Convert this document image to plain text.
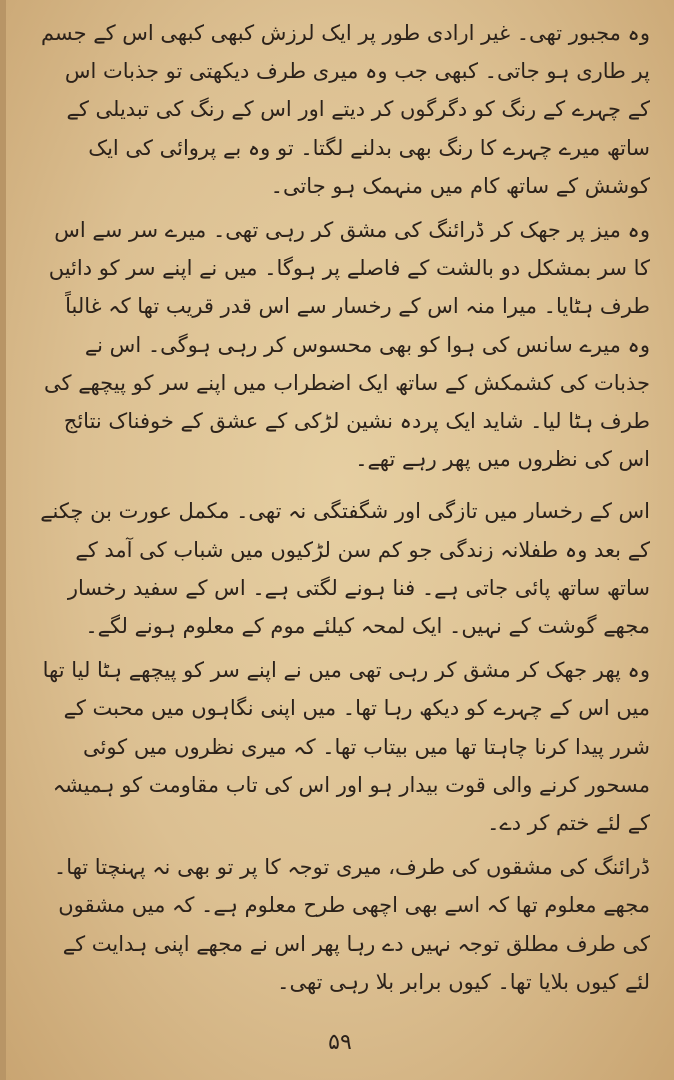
وہ مجبور تھی۔ غیر ارادی طور پر ایک لرزش کبھی کبھی اس کے جسم پر طاری ہو جاتی۔ کبھی جب وہ میری طرف دیکھتی تو جذبات اس کے چہرے کے رنگ کو دگرگوں کر دیتے اور اس کے رنگ کی تبدیلی کے ساتھ میرے چہرے کا رنگ بھی بدلنے لگتا۔ تو وہ بے پروائی کی ایک کوشش کے ساتھ کام میں منہمک ہو جاتی۔

وہ میز پر جھک کر ڈرائنگ کی مشق کر رہی تھی۔ میرے سر سے اس کا سر بمشکل دو بالشت کے فاصلے پر ہوگا۔ میں نے اپنے سر کو دائیں طرف ہٹایا۔ میرا منہ اس کے رخسار سے اس قدر قریب تھا کہ غالباً وہ میرے سانس کی ہوا کو بھی محسوس کر رہی ہوگی۔ اس نے جذبات کی کشمکش کے ساتھ ایک اضطراب میں اپنے سر کو پیچھے کی طرف ہٹا لیا۔ شاید ایک پردہ نشین لڑکی کے عشق کے خوفناک نتائج اس کی نظروں میں پھر رہے تھے۔

اس کے رخسار میں تازگی اور شگفتگی نہ تھی۔ مکمل عورت بن چکنے کے بعد وہ طفلانہ زندگی جو کم سن لڑکیوں میں شباب کی آمد کے ساتھ ساتھ پائی جاتی ہے۔ فنا ہونے لگتی ہے۔ اس کے سفید رخسار مجھے گوشت کے نہیں۔ ایک لمحہ کیلئے موم کے معلوم ہونے لگے۔

وہ پھر جھک کر مشق کر رہی تھی میں نے اپنے سر کو پیچھے ہٹا لیا تھا میں اس کے چہرے کو دیکھ رہا تھا۔ میں اپنی نگاہوں میں محبت کے شرر پیدا کرنا چاہتا تھا میں بیتاب تھا۔ کہ میری نظروں میں کوئی مسحور کرنے والی قوت بیدار ہو اور اس کی تاب مقاومت کو ہمیشہ کے لئے ختم کر دے۔

ڈرائنگ کی مشقوں کی طرف، میری توجہ کا پر تو بھی نہ پہنچتا تھا۔ مجھے معلوم تھا کہ اسے بھی اچھی طرح معلوم ہے۔ کہ میں مشقوں کی طرف مطلق توجہ نہیں دے رہا پھر اس نے مجھے اپنی ہدایت کے لئے کیوں بلایا تھا۔ کیوں برابر بلا رہی تھی۔

۵۹
